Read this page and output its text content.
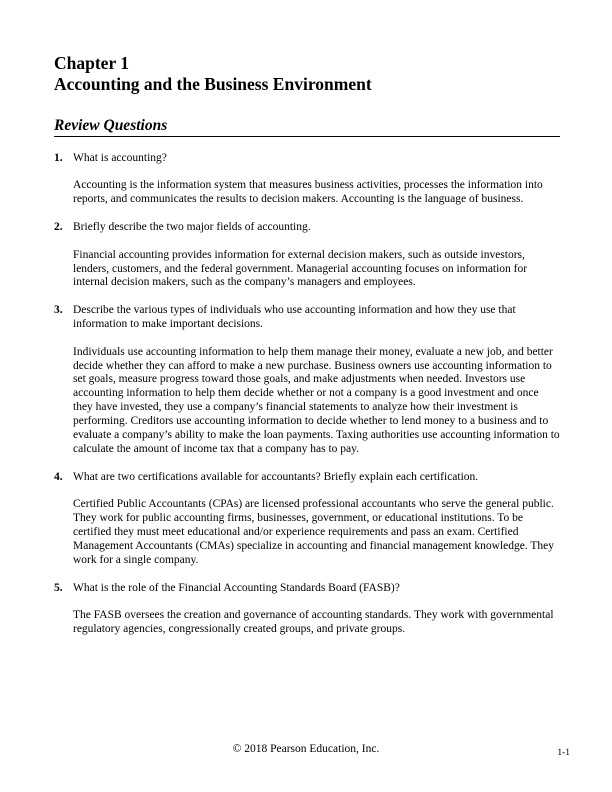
Chapter 1
Accounting and the Business Environment
Review Questions
1. What is accounting?

Accounting is the information system that measures business activities, processes the information into reports, and communicates the results to decision makers. Accounting is the language of business.

2. Briefly describe the two major fields of accounting.

Financial accounting provides information for external decision makers, such as outside investors, lenders, customers, and the federal government. Managerial accounting focuses on information for internal decision makers, such as the company’s managers and employees.

3. Describe the various types of individuals who use accounting information and how they use that information to make important decisions.

Individuals use accounting information to help them manage their money, evaluate a new job, and better decide whether they can afford to make a new purchase. Business owners use accounting information to set goals, measure progress toward those goals, and make adjustments when needed. Investors use accounting information to help them decide whether or not a company is a good investment and once they have invested, they use a company’s financial statements to analyze how their investment is performing. Creditors use accounting information to decide whether to lend money to a business and to evaluate a company’s ability to make the loan payments. Taxing authorities use accounting information to calculate the amount of income tax that a company has to pay.

4. What are two certifications available for accountants? Briefly explain each certification.

Certified Public Accountants (CPAs) are licensed professional accountants who serve the general public. They work for public accounting firms, businesses, government, or educational institutions. To be certified they must meet educational and/or experience requirements and pass an exam. Certified Management Accountants (CMAs) specialize in accounting and financial management knowledge. They work for a single company.

5. What is the role of the Financial Accounting Standards Board (FASB)?

The FASB oversees the creation and governance of accounting standards. They work with governmental regulatory agencies, congressionally created groups, and private groups.

© 2018 Pearson Education, Inc.	1-1
